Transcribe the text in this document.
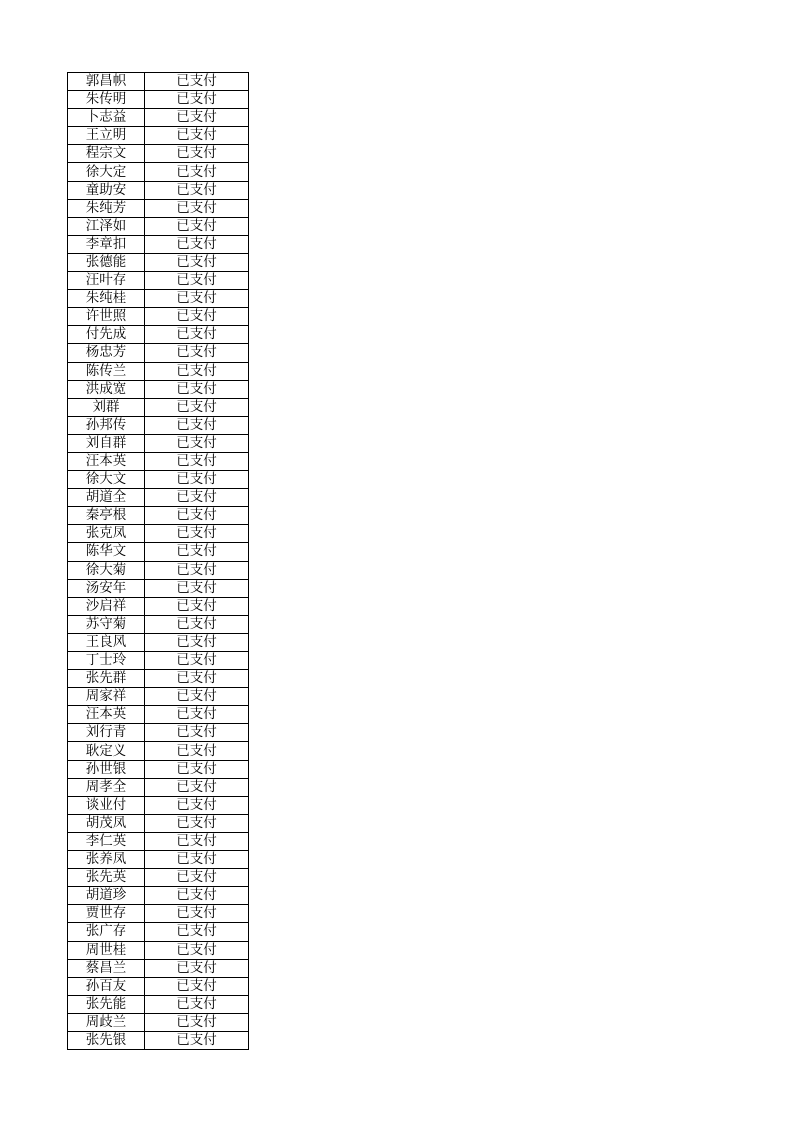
郭昌帜	已支付
朱传明	已支付
卜志益	已支付
王立明	已支付
程宗文	已支付
徐大定	已支付
童助安	已支付
朱纯芳	已支付
江泽如	已支付
李章扣	已支付
张德能	已支付
汪叶存	已支付
朱纯桂	已支付
许世照	已支付
付先成	已支付
杨忠芳	已支付
陈传兰	已支付
洪成宽	已支付
刘群	已支付
孙邦传	已支付
刘自群	已支付
汪本英	已支付
徐大文	已支付
胡道全	已支付
秦亭根	已支付
张克凤	已支付
陈华文	已支付
徐大菊	已支付
汤安年	已支付
沙启祥	已支付
苏守菊	已支付
王良风	已支付
丁士玲	已支付
张先群	已支付
周家祥	已支付
汪本英	已支付
刘行青	已支付
耿定义	已支付
孙世银	已支付
周孝全	已支付
谈业付	已支付
胡茂凤	已支付
李仁英	已支付
张养凤	已支付
张先英	已支付
胡道珍	已支付
贾世存	已支付
张广存	已支付
周世桂	已支付
蔡昌兰	已支付
孙百友	已支付
张先能	已支付
周歧兰	已支付
张先银	已支付
